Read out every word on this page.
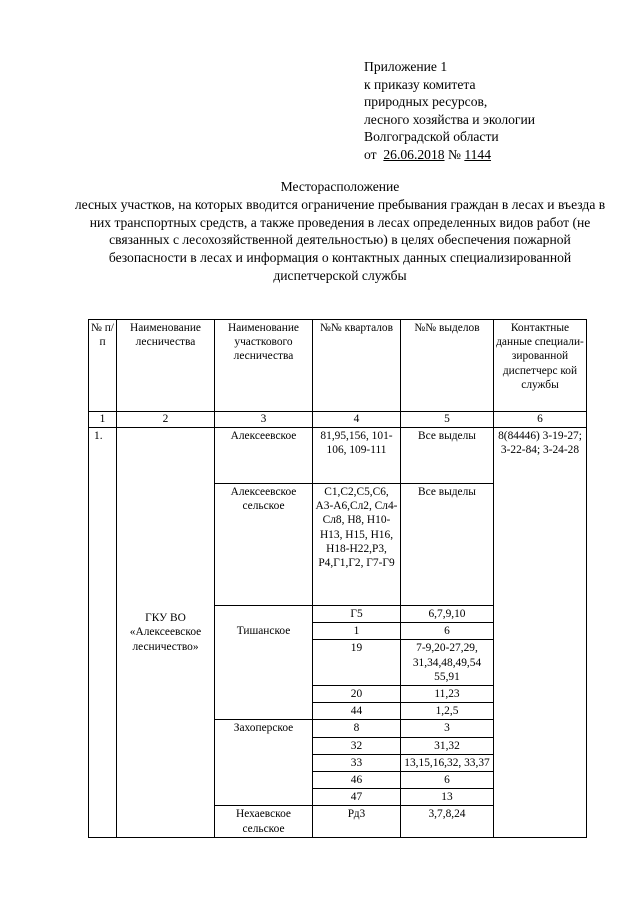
Приложение 1
к приказу комитета
природных ресурсов,
лесного хозяйства и экологии
Волгоградской области
от 26.06.2018 № 1144
Месторасположение
лесных участков, на которых вводится ограничение пребывания граждан в лесах и въезда в них транспортных средств, а также проведения в лесах определенных видов работ (не связанных с лесохозяйственной деятельностью) в целях обеспечения пожарной безопасности в лесах и информация о контактных данных специализированной диспетчерской службы
№ п/п	Наименование лесничества	Наименование участкового лесничества	№№ кварталов	№№ выделов	Контактные данные специали-зированной диспетчерс кой службы
1	2	3	4	5	6
1.	ГКУ ВО «Алексеевское лесничество»	Алексеевское	81,95,156, 101-106, 109-111	Все выделы	8(84446) 3-19-27; 3-22-84; 3-24-28
		Алексеевское сельское	С1,С2,С5,С6, А3-А6,Сл2, Сл4-Сл8, Н8, Н10-Н13, Н15, Н16, Н18-Н22,Р3, Р4,Г1,Г2, Г7-Г9	Все выделы	
		Тишанское	Г5	6,7,9,10	
			1	6	
			19	7-9,20-27,29, 31,34,48,49,54 55,91	
			20	11,23	
			44	1,2,5	
		Захоперское	8	3	
			32	31,32	
			33	13,15,16,32, 33,37	
			46	6	
			47	13	
		Нехаевское сельское	Рд3	3,7,8,24	
